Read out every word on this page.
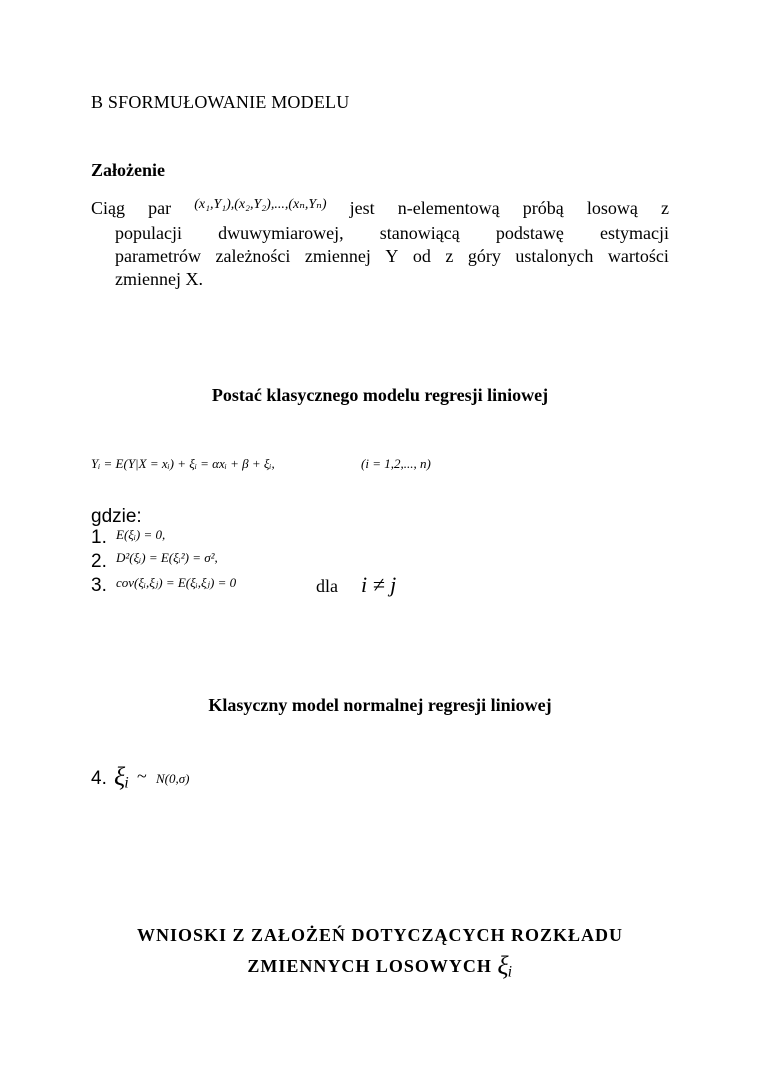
B SFORMUŁOWANIE MODELU
Założenie
Ciąg par (x₁,Y₁),(x₂,Y₂),...,(xₙ,Yₙ) jest n-elementową próbą losową z
populacji dwuwymiarowej, stanowiącą podstawę estymacji
parametrów zależności zmiennej Y od z góry ustalonych wartości
zmiennej X.
Postać klasycznego modelu regresji liniowej
Yᵢ = E(Y|X = xᵢ) + ξᵢ = αxᵢ + β + ξᵢ,	(i = 1,2,..., n)
gdzie:
1. E(ξᵢ) = 0,
2. D²(ξᵢ) = E(ξᵢ²) = σ²,
3. cov(ξᵢ,ξⱼ) = E(ξᵢ,ξⱼ) = 0	dla i ≠ j
Klasyczny model normalnej regresji liniowej
4. ξᵢ ~ N(0,σ)
WNIOSKI Z ZAŁOŻEŃ DOTYCZĄCYCH ROZKŁADU
ZMIENNYCH LOSOWYCH ξᵢ
